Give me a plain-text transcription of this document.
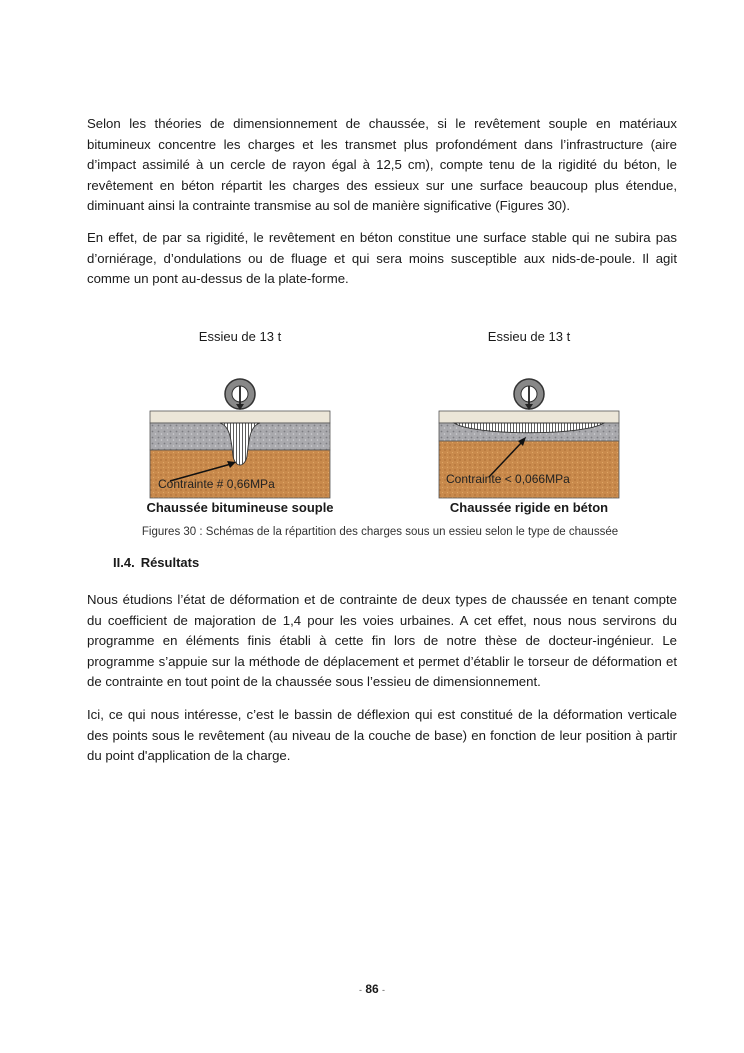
Selon les théories de dimensionnement de chaussée, si le revêtement souple en matériaux bitumineux concentre les charges et les transmet plus profondément dans l’infrastructure (aire d’impact assimilé à un cercle de rayon égal à 12,5 cm), compte tenu de la rigidité du béton, le revêtement en béton répartit les charges des essieux sur une surface beaucoup plus étendue, diminuant ainsi la contrainte transmise au sol de manière significative (Figures 30).

En effet, de par sa rigidité, le revêtement en béton constitue une surface stable qui ne subira pas d’orniérage, d’ondulations ou de fluage et qui sera moins susceptible aux nids-de-poule. Il agit comme un pont au-dessus de la plate-forme.

Essieu de 13 t
Contrainte # 0,66MPa
Chaussée bitumineuse souple
Essieu de 13 t
Contrainte < 0,066MPa
Chaussée rigide en béton
Figures 30 : Schémas de la répartition des charges sous un essieu selon le type de chaussée
II.4. Résultats

Nous étudions l’état de déformation et de contrainte de deux types de chaussée en tenant compte du coefficient de majoration de 1,4 pour les voies urbaines. A cet effet, nous nous servirons du programme en éléments finis établi à cette fin lors de notre thèse de docteur-ingénieur. Le programme s’appuie sur la méthode de déplacement et permet d’établir le torseur de déformation et de contrainte en tout point de la chaussée sous l’essieu de dimensionnement.

Ici, ce qui nous intéresse, c’est le bassin de déflexion qui est constitué de la déformation verticale des points sous le revêtement (au niveau de la couche de base) en fonction de leur position à partir du point d'application de la charge.

- 86 -
